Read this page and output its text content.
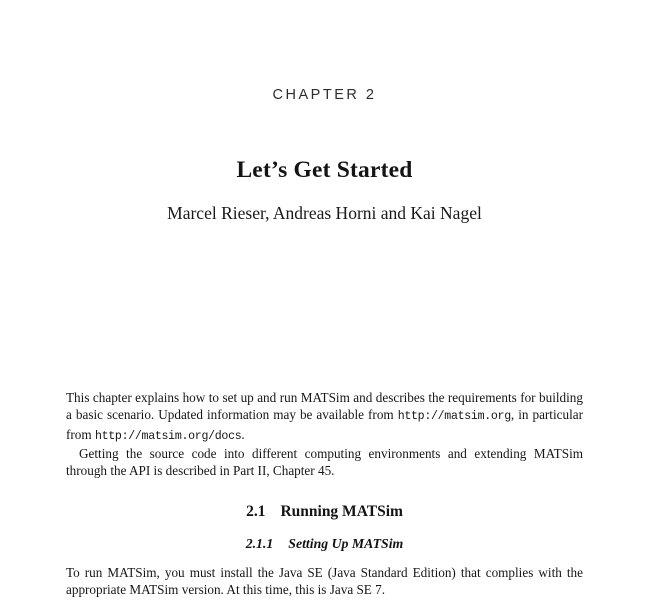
CHAPTER 2
Let’s Get Started
Marcel Rieser, Andreas Horni and Kai Nagel

This chapter explains how to set up and run MATSim and describes the requirements for building a basic scenario. Updated information may be available from http://matsim.org, in particular from http://matsim.org/docs.

Getting the source code into different computing environments and extending MATSim through the API is described in Part II, Chapter 45.

2.1 Running MATSim
2.1.1 Setting Up MATSim

To run MATSim, you must install the Java SE (Java Standard Edition) that complies with the appropriate MATSim version. At this time, this is Java SE 7.
